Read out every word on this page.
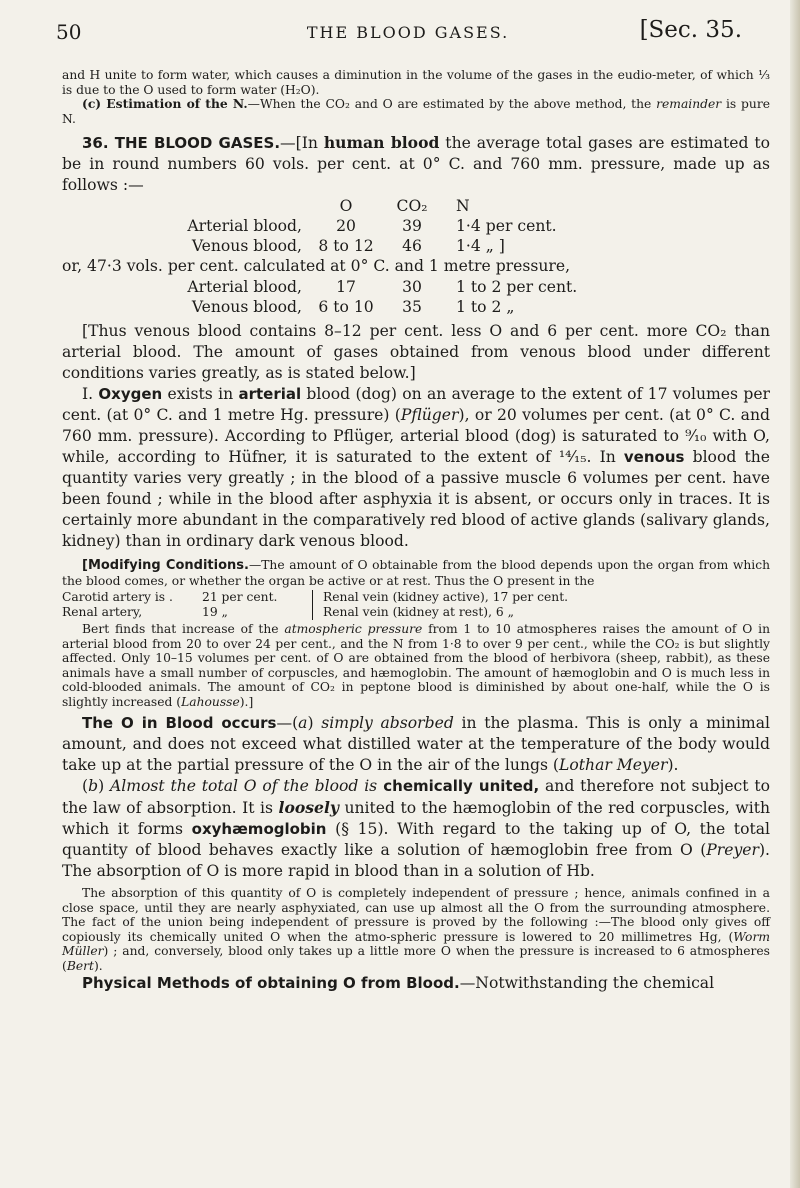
50	THE BLOOD GASES.	[Sec. 35.

and H unite to form water, which causes a diminution in the volume of the gases in the eudio-meter, of which ⅓ is due to the O used to form water (H₂O).

(c) Estimation of the N.—When the CO₂ and O are estimated by the above method, the remainder is pure N.

36. THE BLOOD GASES.—[In human blood the average total gases are estimated to be in round numbers 60 vols. per cent. at 0° C. and 760 mm. pressure, made up as follows :—

	O	CO₂	N
Arterial blood,	20	39	1·4 per cent.
Venous blood,	8 to 12	46	1·4 „ ]

or, 47·3 vols. per cent. calculated at 0° C. and 1 metre pressure,

Arterial blood,	17	30	1 to 2 per cent.
Venous blood,	6 to 10	35	1 to 2 „

[Thus venous blood contains 8–12 per cent. less O and 6 per cent. more CO₂ than arterial blood. The amount of gases obtained from venous blood under different conditions varies greatly, as is stated below.]

I. Oxygen exists in arterial blood (dog) on an average to the extent of 17 volumes per cent. (at 0° C. and 1 metre Hg. pressure) (Pflüger), or 20 volumes per cent. (at 0° C. and 760 mm. pressure). According to Pflüger, arterial blood (dog) is saturated to ⁹⁄₁₀ with O, while, according to Hüfner, it is saturated to the extent of ¹⁴⁄₁₅. In venous blood the quantity varies very greatly ; in the blood of a passive muscle 6 volumes per cent. have been found ; while in the blood after asphyxia it is absent, or occurs only in traces. It is certainly more abundant in the comparatively red blood of active glands (salivary glands, kidney) than in ordinary dark venous blood.

[Modifying Conditions.—The amount of O obtainable from the blood depends upon the organ from which the blood comes, or whether the organ be active or at rest. Thus the O present in the

Carotid artery is .	21 per cent.	Renal vein (kidney active), 17 per cent.
Renal artery,	19 „	Renal vein (kidney at rest), 6 „

Bert finds that increase of the atmospheric pressure from 1 to 10 atmospheres raises the amount of O in arterial blood from 20 to over 24 per cent., and the N from 1·8 to over 9 per cent., while the CO₂ is but slightly affected. Only 10–15 volumes per cent. of O are obtained from the blood of herbivora (sheep, rabbit), as these animals have a small number of corpuscles, and hæmoglobin. The amount of hæmoglobin and O is much less in cold-blooded animals. The amount of CO₂ in peptone blood is diminished by about one-half, while the O is slightly increased (Lahousse).]

The O in Blood occurs—(a) simply absorbed in the plasma. This is only a minimal amount, and does not exceed what distilled water at the temperature of the body would take up at the partial pressure of the O in the air of the lungs (Lothar Meyer).

(b) Almost the total O of the blood is chemically united, and therefore not subject to the law of absorption. It is loosely united to the hæmoglobin of the red corpuscles, with which it forms oxyhæmoglobin (§ 15). With regard to the taking up of O, the total quantity of blood behaves exactly like a solution of hæmoglobin free from O (Preyer). The absorption of O is more rapid in blood than in a solution of Hb.

The absorption of this quantity of O is completely independent of pressure ; hence, animals confined in a close space, until they are nearly asphyxiated, can use up almost all the O from the surrounding atmosphere. The fact of the union being independent of pressure is proved by the following :—The blood only gives off copiously its chemically united O when the atmo-spheric pressure is lowered to 20 millimetres Hg, (Worm Müller) ; and, conversely, blood only takes up a little more O when the pressure is increased to 6 atmospheres (Bert).

Physical Methods of obtaining O from Blood.—Notwithstanding the chemical
